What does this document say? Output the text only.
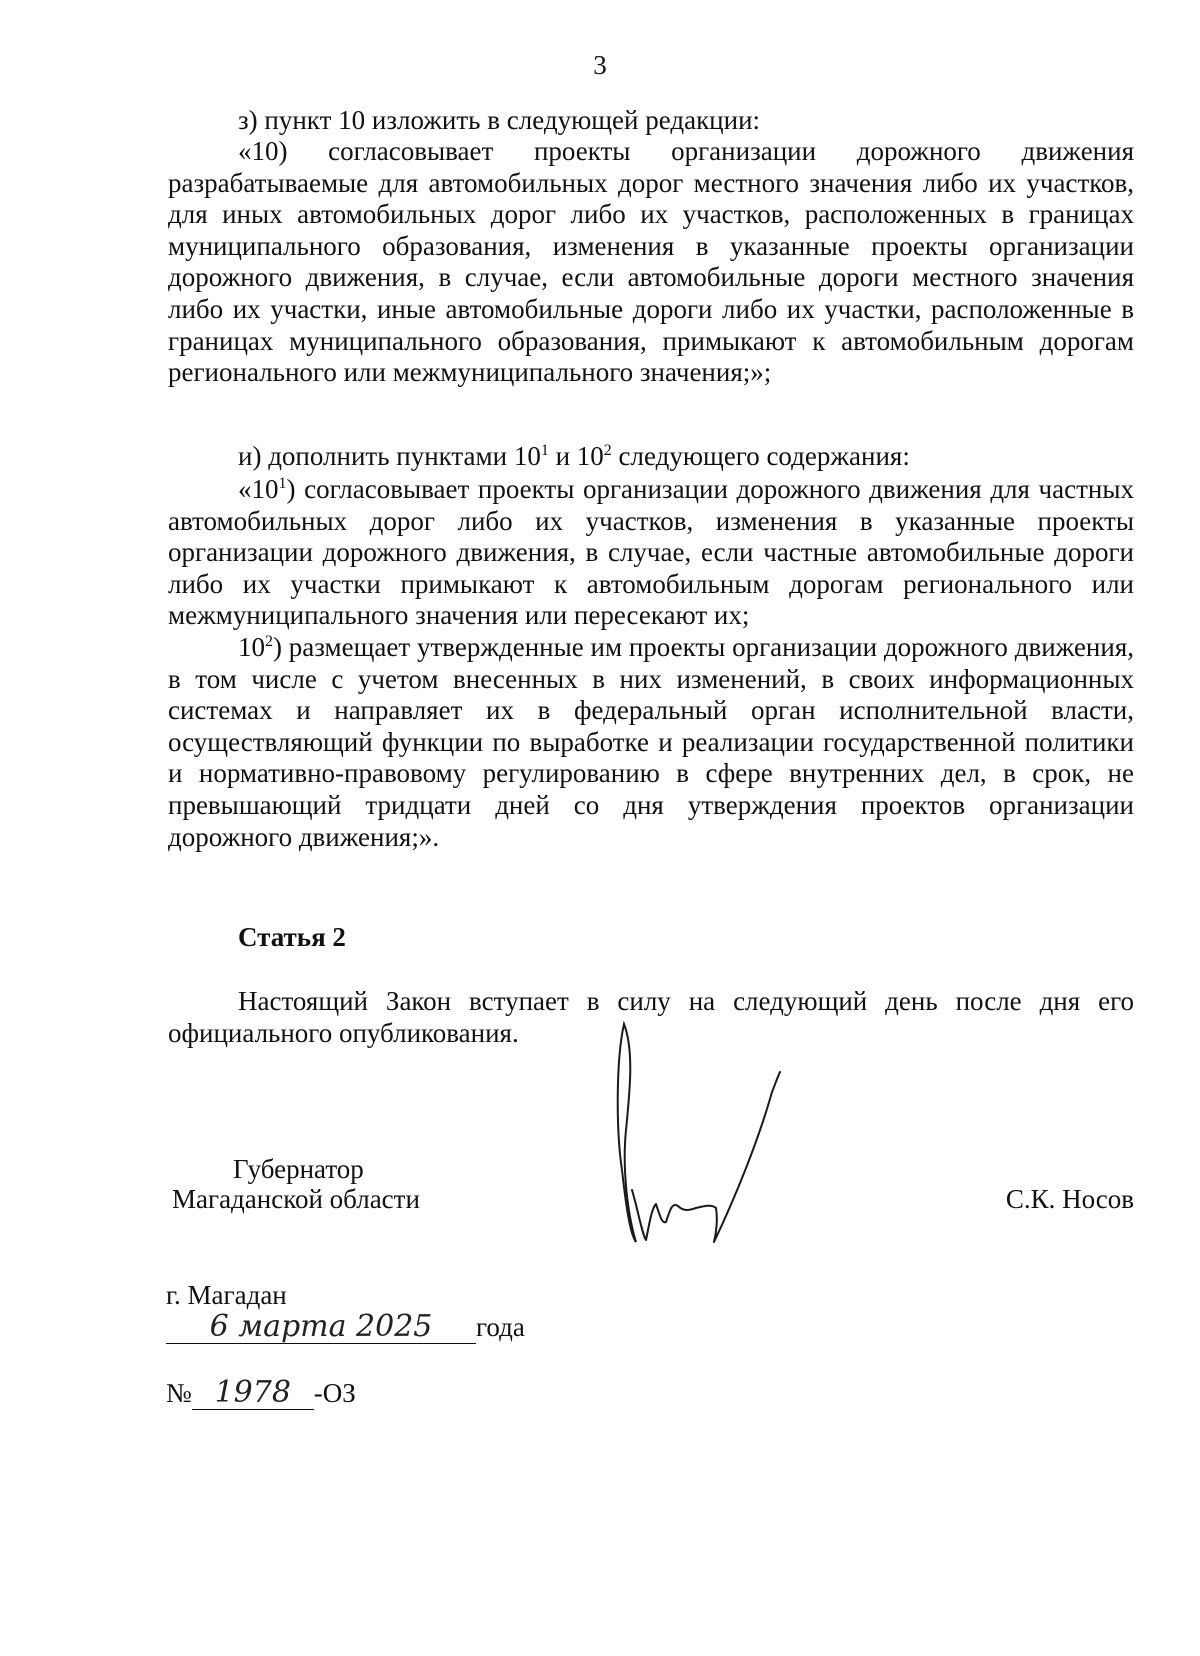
3

з) пункт 10 изложить в следующей редакции:

«10) согласовывает проекты организации дорожного движения разрабатываемые для автомобильных дорог местного значения либо их участков, для иных автомобильных дорог либо их участков, расположенных в границах муниципального образования, изменения в указанные проекты организации дорожного движения, в случае, если автомобильные дороги местного значения либо их участки, иные автомобильные дороги либо их участки, расположенные в границах муниципального образования, примыкают к автомобильным дорогам регионального или межмуниципального значения;»;

и) дополнить пунктами $10^1$ и $10^2$ следующего содержания:

«$10^1$) согласовывает проекты организации дорожного движения для частных автомобильных дорог либо их участков, изменения в указанные проекты организации дорожного движения, в случае, если частные автомобильные дороги либо их участки примыкают к автомобильным дорогам регионального или межмуниципального значения или пересекают их;

$10^2$) размещает утвержденные им проекты организации дорожного движения, в том числе с учетом внесенных в них изменений, в своих информационных системах и направляет их в федеральный орган исполнительной власти, осуществляющий функции по выработке и реализации государственной политики и нормативно-правовому регулированию в сфере внутренних дел, в срок, не превышающий тридцати дней со дня утверждения проектов организации дорожного движения;».

Статья 2

Настоящий Закон вступает в силу на следующий день после дня его официального опубликования.

Губернатор
Магаданской области	С.К. Носов
г. Магадан
6 марта 2025 года
№ 1978 -ОЗ
